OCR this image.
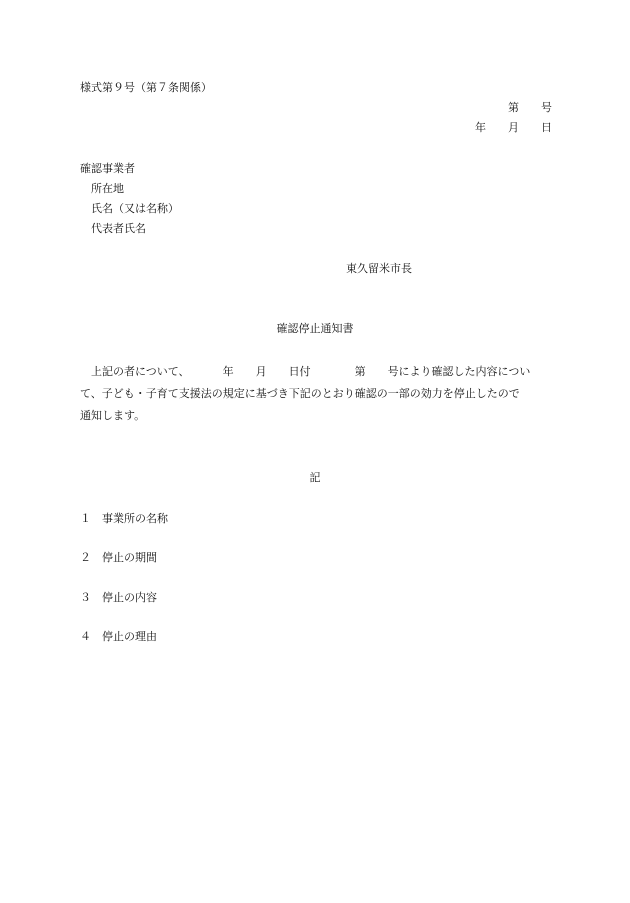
様式第９号（第７条関係）
第 号
年 月 日
確認事業者
所在地
氏名（又は名称）
代表者氏名
東久留米市長
確認停止通知書
上記の者について、	年 月 日付	第 号により確認した内容につい
て、子ども・子育て支援法の規定に基づき下記のとおり確認の一部の効力を停止したので
通知します。
記
１ 事業所の名称
２ 停止の期間
３ 停止の内容
４ 停止の理由
